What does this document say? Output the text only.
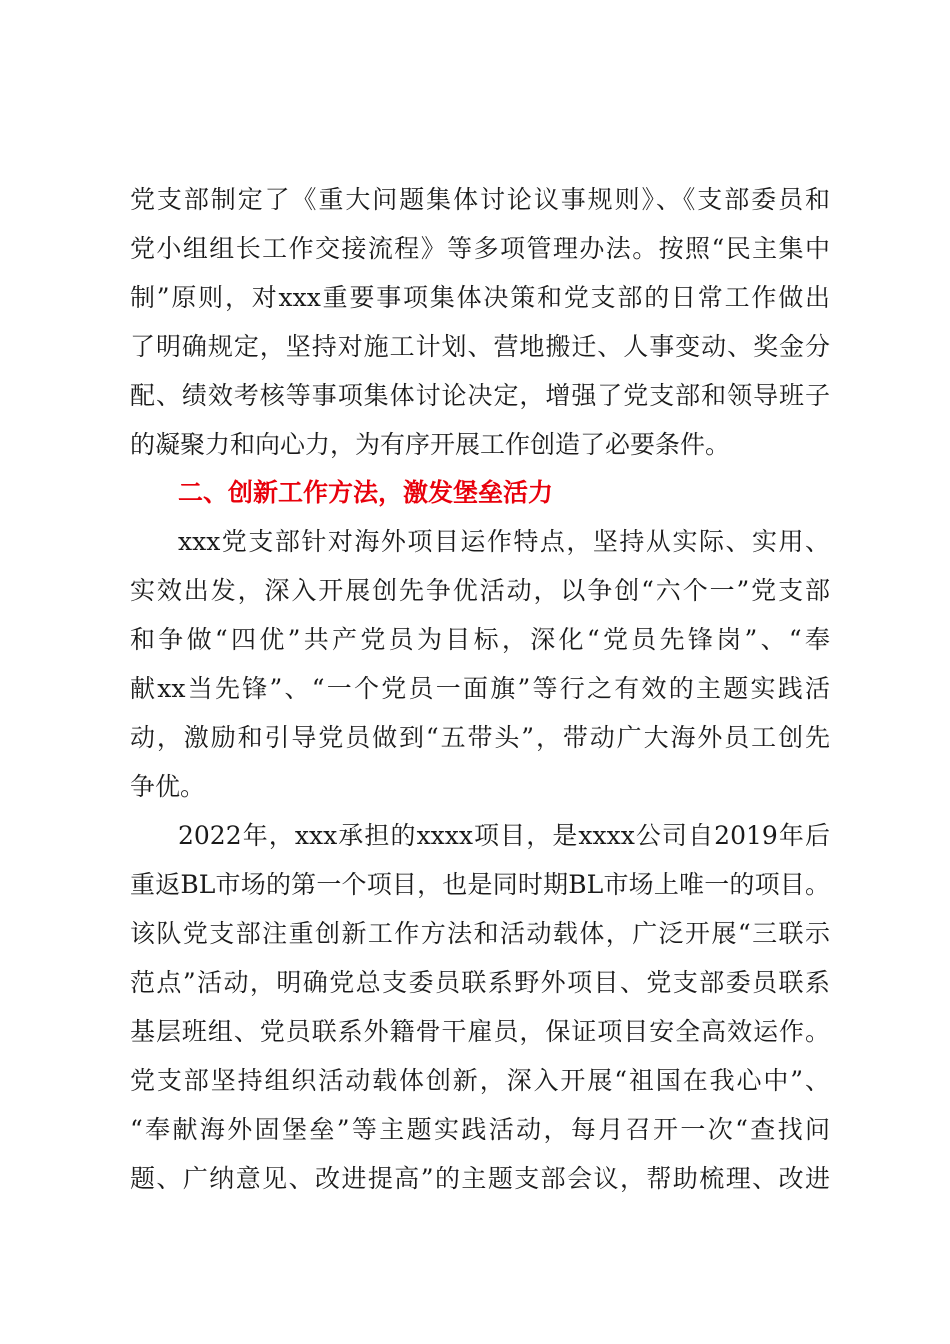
党支部制定了《重大问题集体讨论议事规则》、《支部委员和
党小组组长工作交接流程》等多项管理办法。按照“民主集中
制”原则，对xxx重要事项集体决策和党支部的日常工作做出
了明确规定，坚持对施工计划、营地搬迁、人事变动、奖金分
配、绩效考核等事项集体讨论决定，增强了党支部和领导班子
的凝聚力和向心力，为有序开展工作创造了必要条件。
二、创新工作方法，激发堡垒活力
xxx党支部针对海外项目运作特点，坚持从实际、实用、
实效出发，深入开展创先争优活动，以争创“六个一”党支部
和争做“四优”共产党员为目标，深化“党员先锋岗”、“奉
献xx当先锋”、“一个党员一面旗”等行之有效的主题实践活
动，激励和引导党员做到“五带头”，带动广大海外员工创先
争优。
2022年，xxx承担的xxxx项目，是xxxx公司自2019年后
重返BL市场的第一个项目，也是同时期BL市场上唯一的项目。
该队党支部注重创新工作方法和活动载体，广泛开展“三联示
范点”活动，明确党总支委员联系野外项目、党支部委员联系
基层班组、党员联系外籍骨干雇员，保证项目安全高效运作。
党支部坚持组织活动载体创新，深入开展“祖国在我心中”、
“奉献海外固堡垒”等主题实践活动，每月召开一次“查找问
题、广纳意见、改进提高”的主题支部会议，帮助梳理、改进
